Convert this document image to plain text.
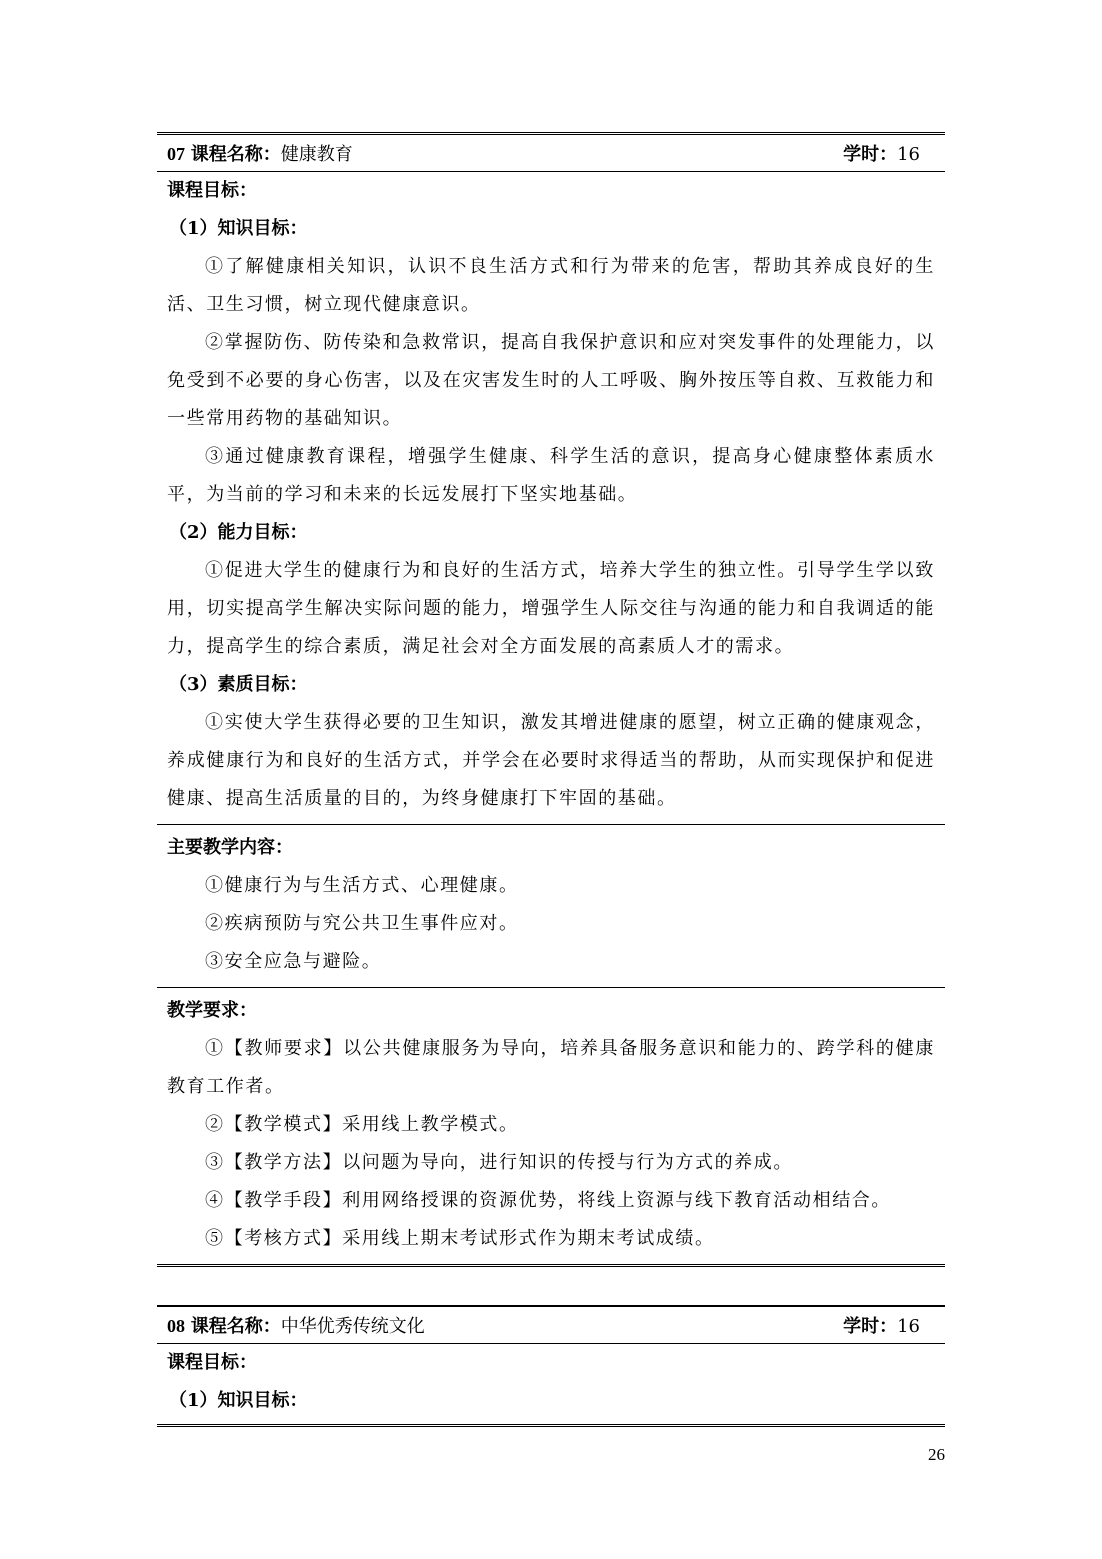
07 课程名称：健康教育	学时：16
课程目标：
（1）知识目标：
①了解健康相关知识，认识不良生活方式和行为带来的危害，帮助其养成良好的生活、卫生习惯，树立现代健康意识。
②掌握防伤、防传染和急救常识，提高自我保护意识和应对突发事件的处理能力，以免受到不必要的身心伤害，以及在灾害发生时的人工呼吸、胸外按压等自救、互救能力和一些常用药物的基础知识。
③通过健康教育课程，增强学生健康、科学生活的意识，提高身心健康整体素质水平，为当前的学习和未来的长远发展打下坚实地基础。
（2）能力目标：
①促进大学生的健康行为和良好的生活方式，培养大学生的独立性。引导学生学以致用，切实提高学生解决实际问题的能力，增强学生人际交往与沟通的能力和自我调适的能力，提高学生的综合素质，满足社会对全方面发展的高素质人才的需求。
（3）素质目标：
①实使大学生获得必要的卫生知识，激发其增进健康的愿望，树立正确的健康观念，养成健康行为和良好的生活方式，并学会在必要时求得适当的帮助，从而实现保护和促进健康、提高生活质量的目的，为终身健康打下牢固的基础。
主要教学内容：
①健康行为与生活方式、心理健康。
②疾病预防与究公共卫生事件应对。
③安全应急与避险。
教学要求：
①【教师要求】以公共健康服务为导向，培养具备服务意识和能力的、跨学科的健康教育工作者。
②【教学模式】采用线上教学模式。
③【教学方法】以问题为导向，进行知识的传授与行为方式的养成。
④【教学手段】利用网络授课的资源优势，将线上资源与线下教育活动相结合。
⑤【考核方式】采用线上期末考试形式作为期末考试成绩。
08 课程名称：中华优秀传统文化	学时：16
课程目标：
（1）知识目标：
26
